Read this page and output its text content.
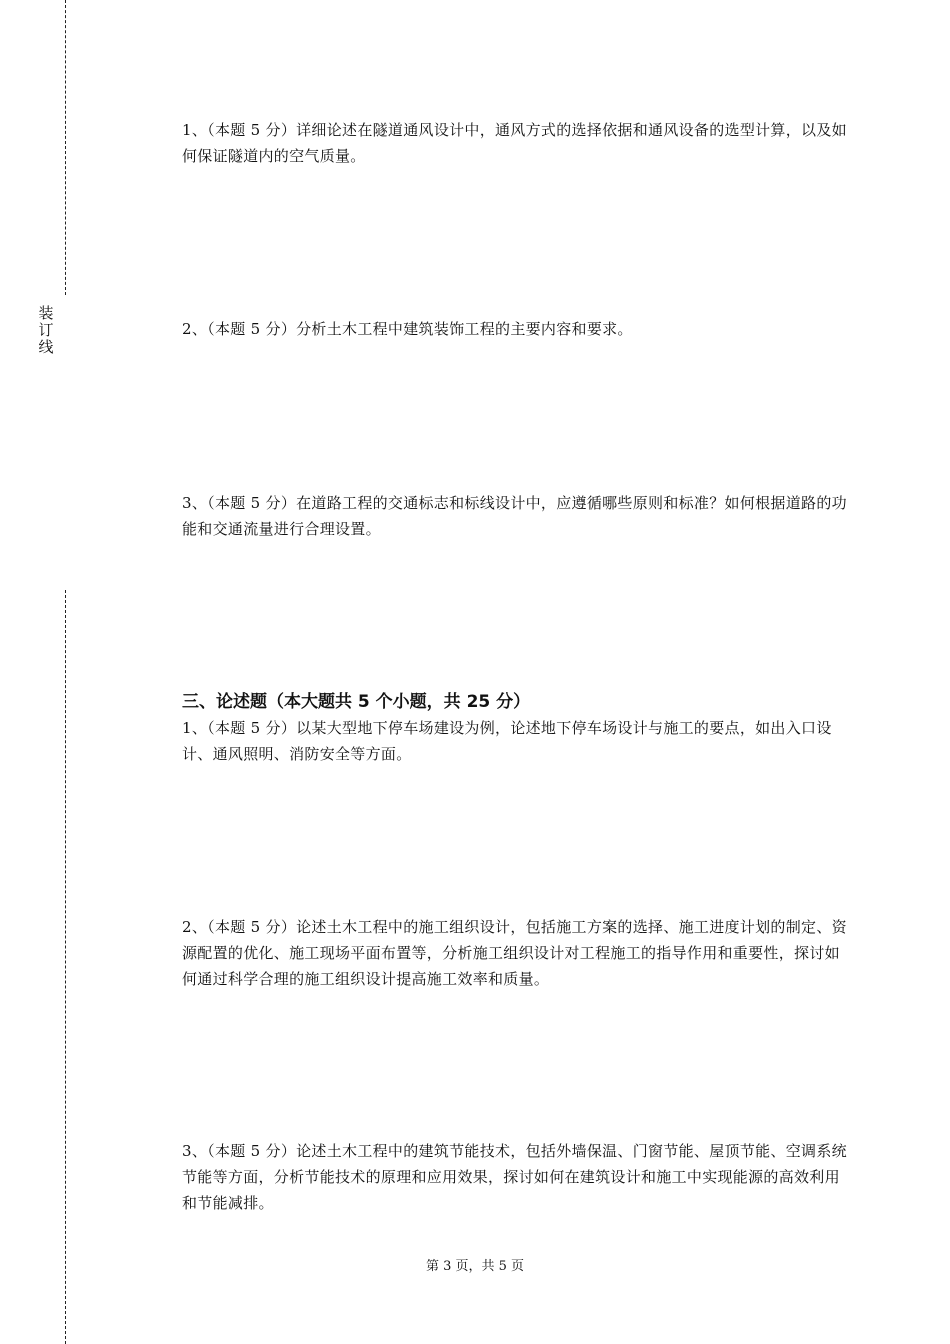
装
订
线
1、（本题 5 分）详细论述在隧道通风设计中，通风方式的选择依据和通风设备的选型计算，以及如何保证隧道内的空气质量。
2、（本题 5 分）分析土木工程中建筑装饰工程的主要内容和要求。
3、（本题 5 分）在道路工程的交通标志和标线设计中，应遵循哪些原则和标准？如何根据道路的功能和交通流量进行合理设置。
三、论述题（本大题共 5 个小题，共 25 分）
1、（本题 5 分）以某大型地下停车场建设为例，论述地下停车场设计与施工的要点，如出入口设计、通风照明、消防安全等方面。
2、（本题 5 分）论述土木工程中的施工组织设计，包括施工方案的选择、施工进度计划的制定、资源配置的优化、施工现场平面布置等，分析施工组织设计对工程施工的指导作用和重要性，探讨如何通过科学合理的施工组织设计提高施工效率和质量。
3、（本题 5 分）论述土木工程中的建筑节能技术，包括外墙保温、门窗节能、屋顶节能、空调系统节能等方面，分析节能技术的原理和应用效果，探讨如何在建筑设计和施工中实现能源的高效利用和节能减排。
第 3 页，共 5 页
